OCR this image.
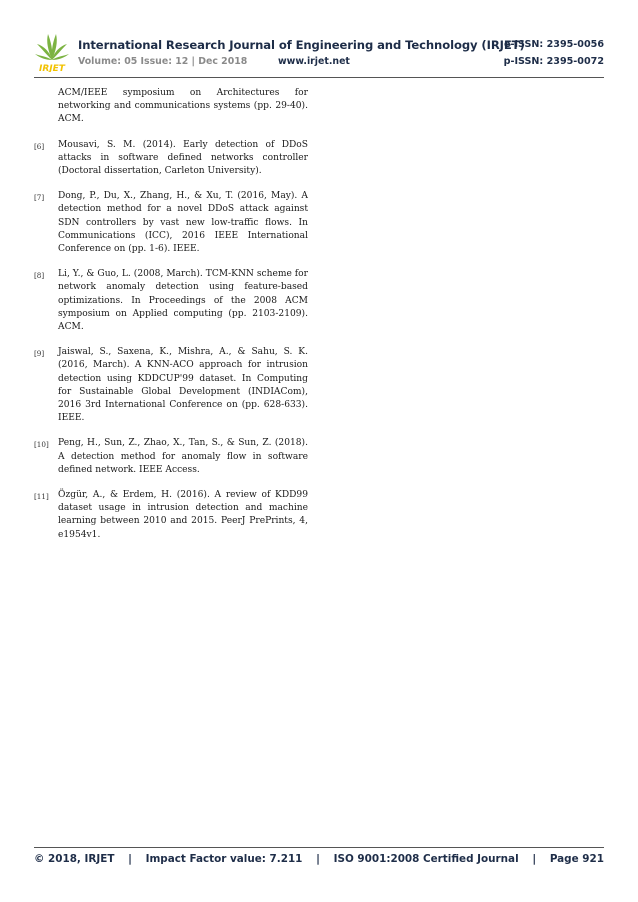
IRJET
International Research Journal of Engineering and Technology (IRJET)
e-ISSN: 2395-0056
Volume: 05 Issue: 12 | Dec 2018	www.irjet.net	p-ISSN: 2395-0072
ACM/IEEE symposium on Architectures for networking and communications systems (pp. 29-40). ACM.
[6] Mousavi, S. M. (2014). Early detection of DDoS attacks in software defined networks controller (Doctoral dissertation, Carleton University).
[7] Dong, P., Du, X., Zhang, H., & Xu, T. (2016, May). A detection method for a novel DDoS attack against SDN controllers by vast new low-traffic flows. In Communications (ICC), 2016 IEEE International Conference on (pp. 1-6). IEEE.
[8] Li, Y., & Guo, L. (2008, March). TCM-KNN scheme for network anomaly detection using feature-based optimizations. In Proceedings of the 2008 ACM symposium on Applied computing (pp. 2103-2109). ACM.
[9] Jaiswal, S., Saxena, K., Mishra, A., & Sahu, S. K. (2016, March). A KNN-ACO approach for intrusion detection using KDDCUP'99 dataset. In Computing for Sustainable Global Development (INDIACom), 2016 3rd International Conference on (pp. 628-633). IEEE.
[10] Peng, H., Sun, Z., Zhao, X., Tan, S., & Sun, Z. (2018). A detection method for anomaly flow in software defined network. IEEE Access.
[11] Özgür, A., & Erdem, H. (2016). A review of KDD99 dataset usage in intrusion detection and machine learning between 2010 and 2015. PeerJ PrePrints, 4, e1954v1.
© 2018, IRJET | Impact Factor value: 7.211 | ISO 9001:2008 Certified Journal | Page 921
